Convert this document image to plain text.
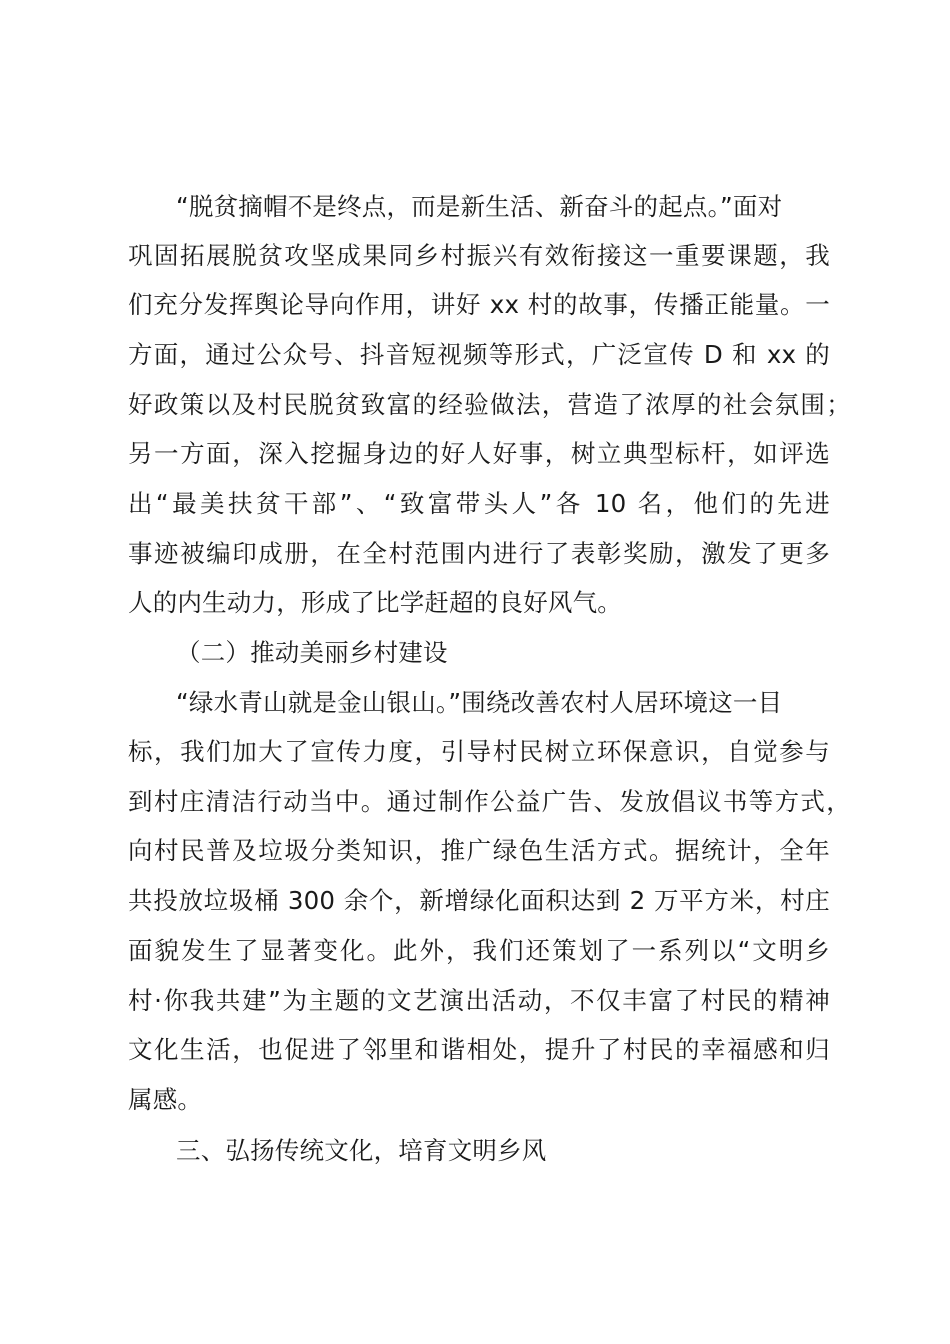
“脱贫摘帽不是终点，而是新生活、新奋斗的起点。”面对
巩固拓展脱贫攻坚成果同乡村振兴有效衔接这一重要课题，我
们充分发挥舆论导向作用，讲好 xx 村的故事，传播正能量。一
方面，通过公众号、抖音短视频等形式，广泛宣传 D 和 xx 的
好政策以及村民脱贫致富的经验做法，营造了浓厚的社会氛围；
另一方面，深入挖掘身边的好人好事，树立典型标杆，如评选
出“最美扶贫干部”、“致富带头人”各 10 名，他们的先进
事迹被编印成册，在全村范围内进行了表彰奖励，激发了更多
人的内生动力，形成了比学赶超的良好风气。
（二）推动美丽乡村建设
“绿水青山就是金山银山。”围绕改善农村人居环境这一目
标，我们加大了宣传力度，引导村民树立环保意识，自觉参与
到村庄清洁行动当中。通过制作公益广告、发放倡议书等方式，
向村民普及垃圾分类知识，推广绿色生活方式。据统计，全年
共投放垃圾桶 300 余个，新增绿化面积达到 2 万平方米，村庄
面貌发生了显著变化。此外，我们还策划了一系列以“文明乡
村·你我共建”为主题的文艺演出活动，不仅丰富了村民的精神
文化生活，也促进了邻里和谐相处，提升了村民的幸福感和归
属感。
三、弘扬传统文化，培育文明乡风
